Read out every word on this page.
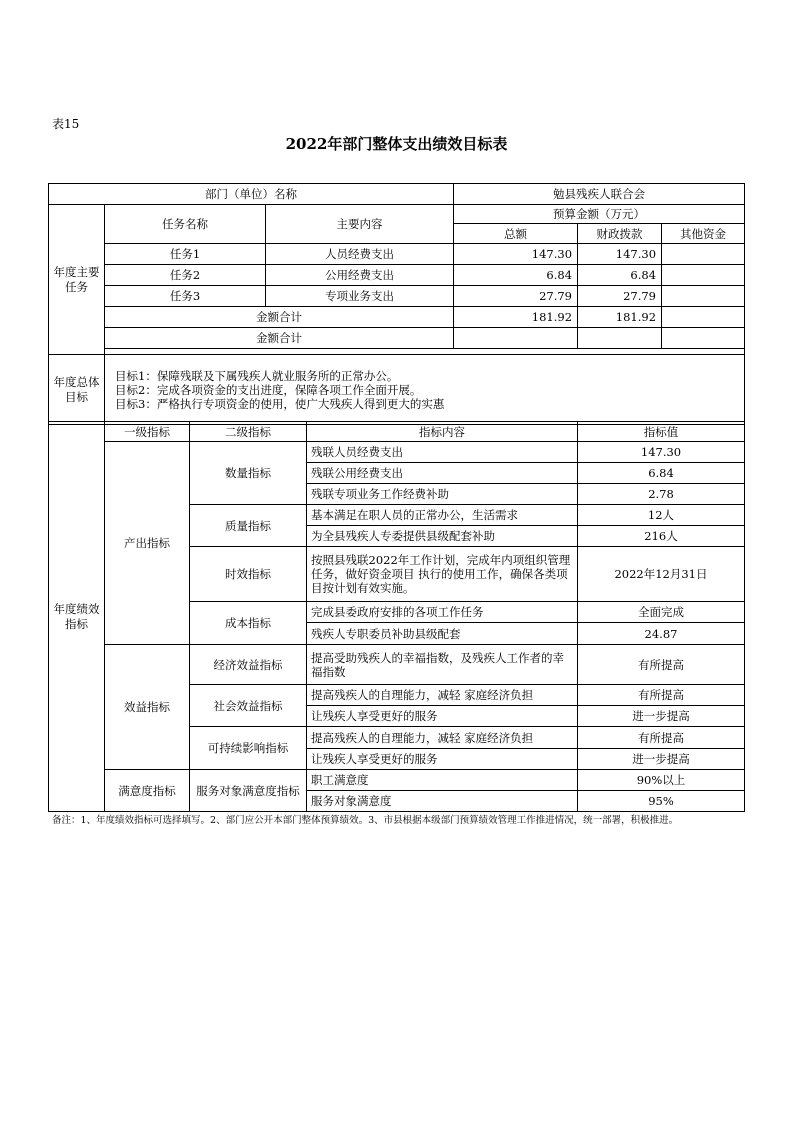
表15
2022年部门整体支出绩效目标表
部门（单位）名称			勉县残疾人联合会		
年度主要任务	任务名称	主要内容	预算金额（万元）		
			总额	财政拨款	其他资金
	任务1	人员经费支出	147.30	147.30	
	任务2	公用经费支出	6.84	6.84	
	任务3	专项业务支出	27.79	27.79	
	金额合计		181.92	181.92	
	金额合计				

年度总体目标	目标1：保障残联及下属残疾人就业服务所的正常办公。
目标2：完成各项资金的支出进度，保障各项工作全面开展。
目标3：严格执行专项资金的使用，使广大残疾人得到更大的实惠				
年度绩效指标	一级指标	二级指标	指标内容	指标值
	产出指标	数量指标	残联人员经费支出	147.30
			残联公用经费支出	6.84
			残联专项业务工作经费补助	2.78
		质量指标	基本满足在职人员的正常办公，生活需求	12人
			为全县残疾人专委提供县级配套补助	216人
		时效指标	按照县残联2022年工作计划，完成年内项组织管理任务，做好资金项目 执行的使用工作，确保各类项目按计划有效实施。	2022年12月31日
		成本指标	完成县委政府安排的各项工作任务	全面完成
			残疾人专职委员补助县级配套	24.87
	效益指标	经济效益指标	提高受助残疾人的幸福指数，及残疾人工作者的幸福指数	有所提高
		社会效益指标	提高残疾人的自理能力，减轻 家庭经济负担	有所提高
			让残疾人享受更好的服务	进一步提高
		可持续影响指标	提高残疾人的自理能力，减轻 家庭经济负担	有所提高
			让残疾人享受更好的服务	进一步提高
	满意度指标	服务对象满意度指标	职工满意度	90%以上
			服务对象满意度	95%
备注：1、年度绩效指标可选择填写。2、部门应公开本部门整体预算绩效。3、市县根据本级部门预算绩效管理工作推进情况，统一部署，积极推进。
